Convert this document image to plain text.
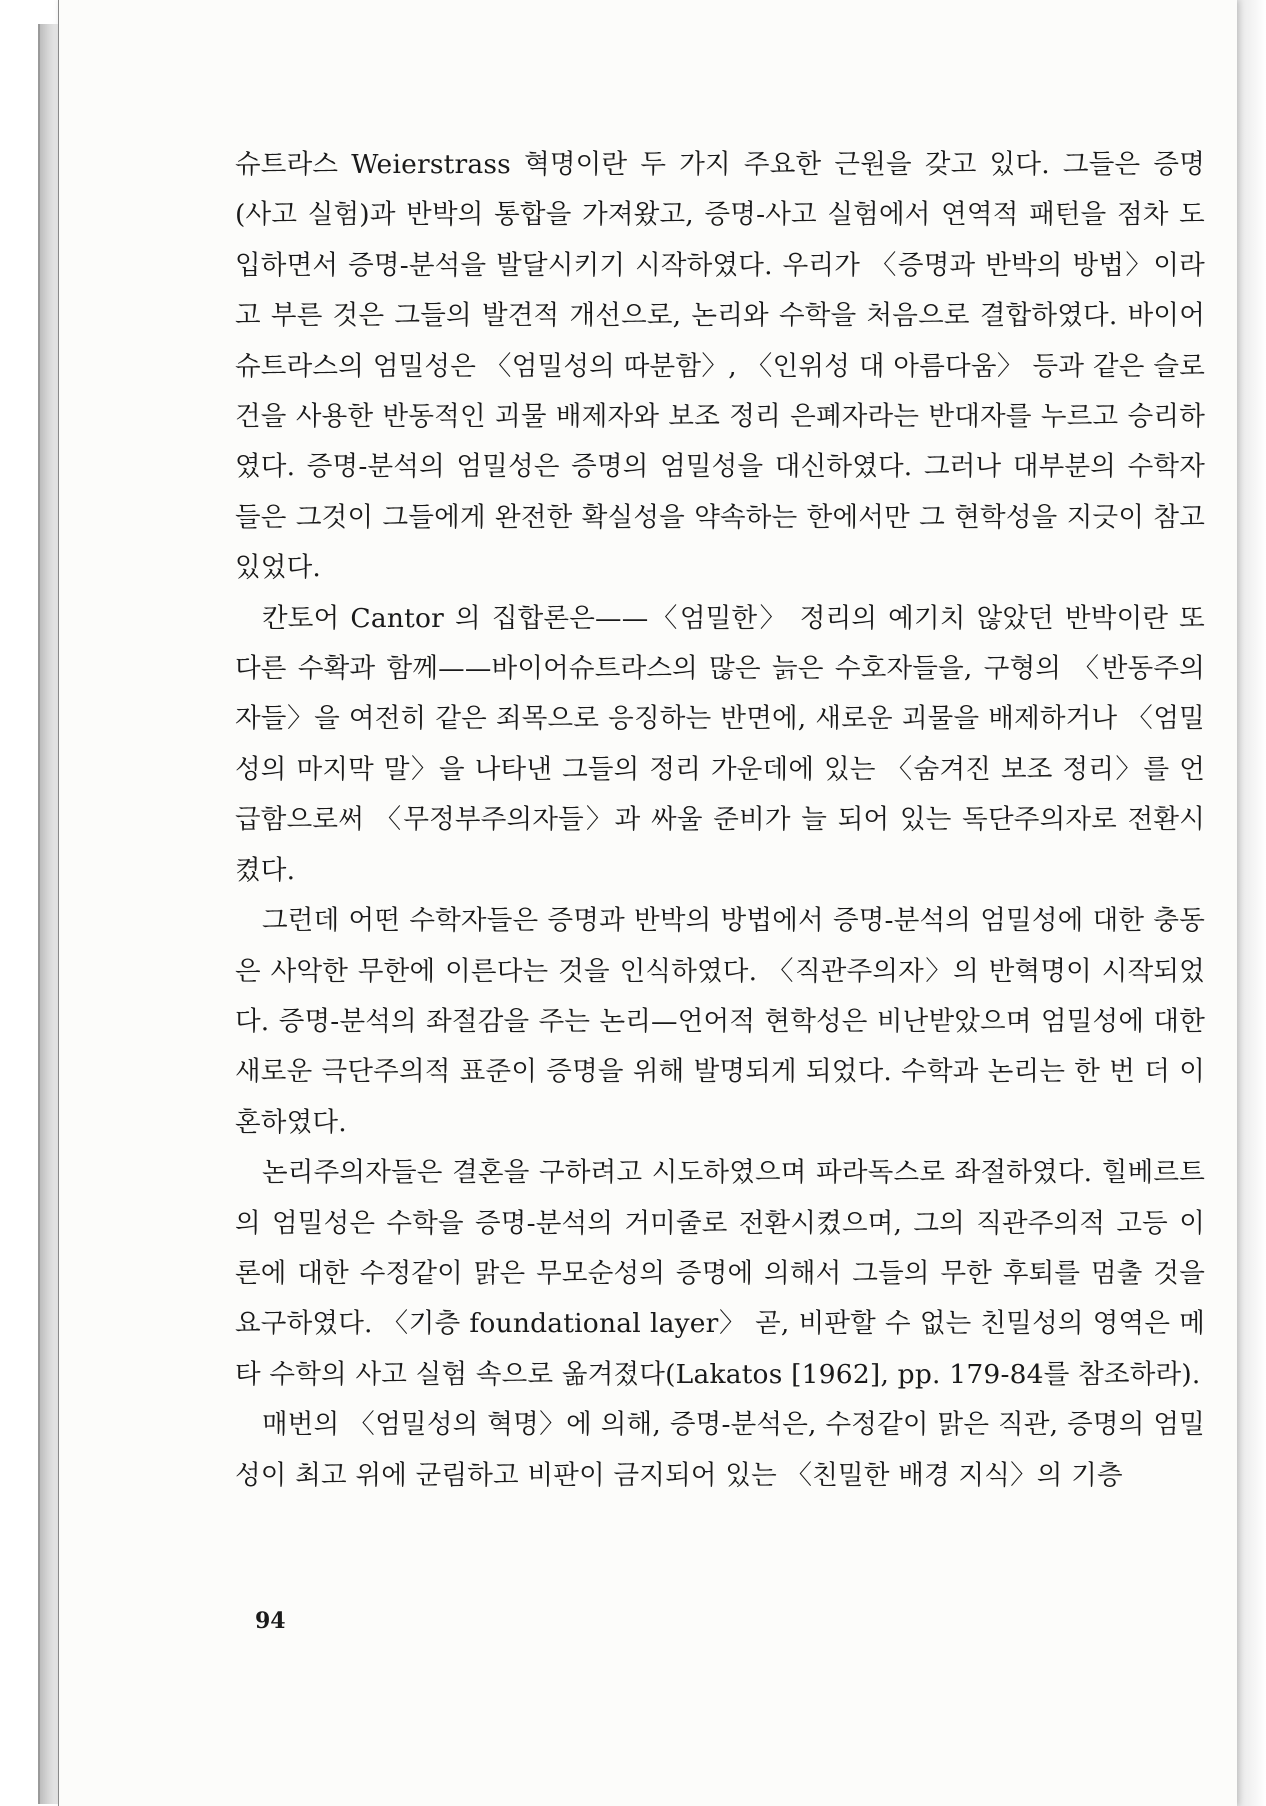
슈트라스 Weierstrass 혁명이란 두 가지 주요한 근원을 갖고 있다. 그들은 증명 (사고 실험)과 반박의 통합을 가져왔고, 증명-사고 실험에서 연역적 패턴을 점차 도입하면서 증명-분석을 발달시키기 시작하였다. 우리가 〈증명과 반박의 방법〉이라고 부른 것은 그들의 발견적 개선으로, 논리와 수학을 처음으로 결합하였다. 바이어슈트라스의 엄밀성은 〈엄밀성의 따분함〉, 〈인위성 대 아름다움〉 등과 같은 슬로건을 사용한 반동적인 괴물 배제자와 보조 정리 은폐자라는 반대자를 누르고 승리하였다. 증명-분석의 엄밀성은 증명의 엄밀성을 대신하였다. 그러나 대부분의 수학자들은 그것이 그들에게 완전한 확실성을 약속하는 한에서만 그 현학성을 지긋이 참고 있었다.

칸토어 Cantor 의 집합론은——〈엄밀한〉 정리의 예기치 않았던 반박이란 또 다른 수확과 함께——바이어슈트라스의 많은 늙은 수호자들을, 구형의 〈반동주의자들〉을 여전히 같은 죄목으로 응징하는 반면에, 새로운 괴물을 배제하거나 〈엄밀성의 마지막 말〉을 나타낸 그들의 정리 가운데에 있는 〈숨겨진 보조 정리〉를 언급함으로써 〈무정부주의자들〉과 싸울 준비가 늘 되어 있는 독단주의자로 전환시켰다.

그런데 어떤 수학자들은 증명과 반박의 방법에서 증명-분석의 엄밀성에 대한 충동은 사악한 무한에 이른다는 것을 인식하였다. 〈직관주의자〉의 반혁명이 시작되었다. 증명-분석의 좌절감을 주는 논리—언어적 현학성은 비난받았으며 엄밀성에 대한 새로운 극단주의적 표준이 증명을 위해 발명되게 되었다. 수학과 논리는 한 번 더 이혼하였다.

논리주의자들은 결혼을 구하려고 시도하였으며 파라독스로 좌절하였다. 힐베르트의 엄밀성은 수학을 증명-분석의 거미줄로 전환시켰으며, 그의 직관주의적 고등 이론에 대한 수정같이 맑은 무모순성의 증명에 의해서 그들의 무한 후퇴를 멈출 것을 요구하였다. 〈기층 foundational layer〉 곧, 비판할 수 없는 친밀성의 영역은 메타 수학의 사고 실험 속으로 옮겨졌다(Lakatos [1962], pp. 179-84를 참조하라).

매번의 〈엄밀성의 혁명〉에 의해, 증명-분석은, 수정같이 맑은 직관, 증명의 엄밀성이 최고 위에 군림하고 비판이 금지되어 있는 〈친밀한 배경 지식〉의 기층

94
